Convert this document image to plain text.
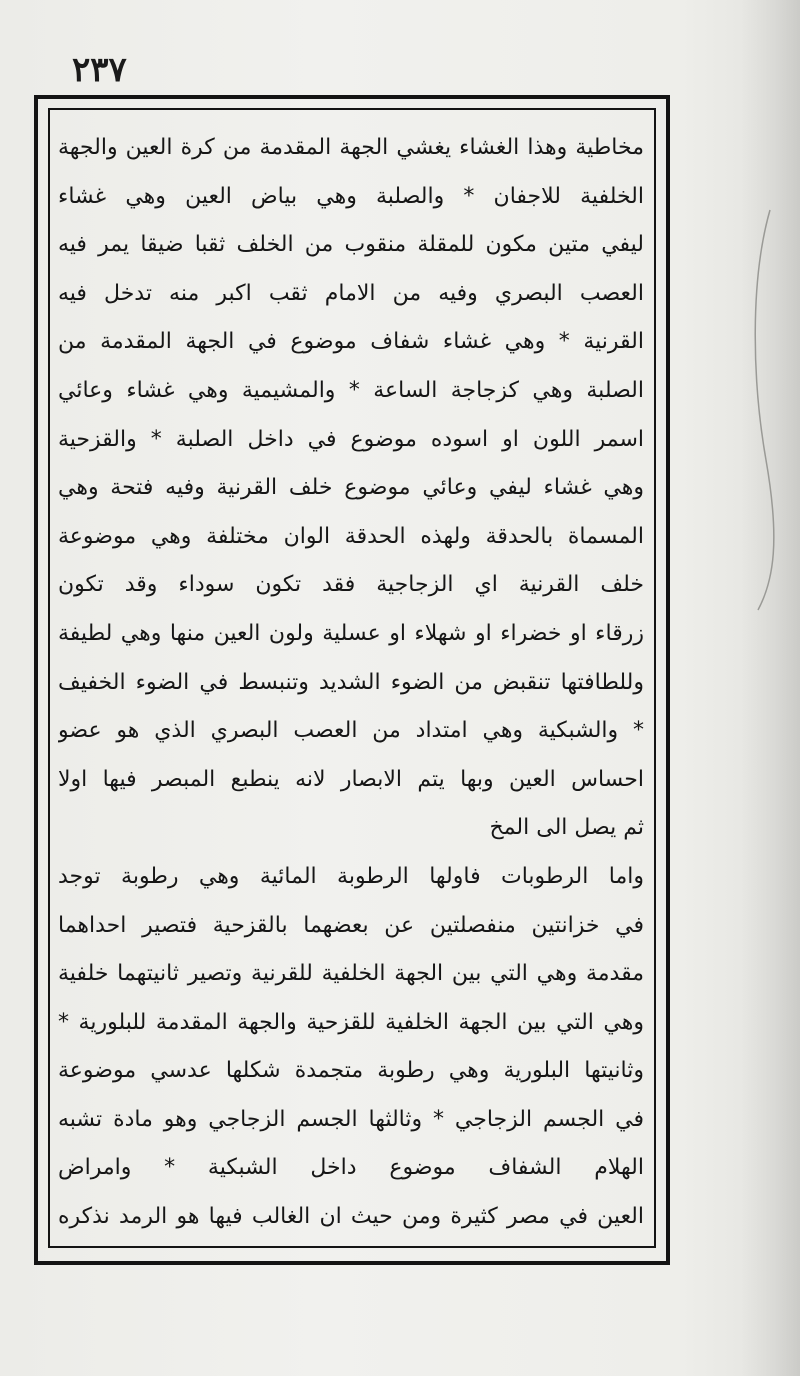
٢٣٧
مخاطية وهذا الغشاء يغشي الجهة المقدمة من كرة العين والجهة
الخلفية للاجفان * والصلبة وهي بياض العين وهي غشاء
ليفي متين مكون للمقلة منقوب من الخلف ثقبا ضيقا يمر فيه
العصب البصري وفيه من الامام ثقب اكبر منه تدخل فيه
القرنية * وهي غشاء شفاف موضوع في الجهة المقدمة من
الصلبة وهي كزجاجة الساعة * والمشيمية وهي غشاء وعائي
اسمر اللون او اسوده موضوع في داخل الصلبة * والقزحية
وهي غشاء ليفي وعائي موضوع خلف القرنية وفيه فتحة وهي
المسماة بالحدقة ولهذه الحدقة الوان مختلفة وهي موضوعة
خلف القرنية اي الزجاجية فقد تكون سوداء وقد تكون
زرقاء او خضراء او شهلاء او عسلية ولون العين منها وهي لطيفة
وللطافتها تنقبض من الضوء الشديد وتنبسط في الضوء الخفيف
* والشبكية وهي امتداد من العصب البصري الذي هو عضو
احساس العين وبها يتم الابصار لانه ينطبع المبصر فيها اولا
ثم يصل الى المخ
واما الرطوبات فاولها الرطوبة المائية وهي رطوبة توجد
في خزانتين منفصلتين عن بعضهما بالقزحية فتصير احداهما
مقدمة وهي التي بين الجهة الخلفية للقرنية وتصير ثانيتهما خلفية
وهي التي بين الجهة الخلفية للقزحية والجهة المقدمة للبلورية *
وثانيتها البلورية وهي رطوبة متجمدة شكلها عدسي موضوعة
في الجسم الزجاجي * وثالثها الجسم الزجاجي وهو مادة تشبه
الهلام الشفاف موضوع داخل الشبكية * وامراض
العين في مصر كثيرة ومن حيث ان الغالب فيها هو الرمد نذكره
